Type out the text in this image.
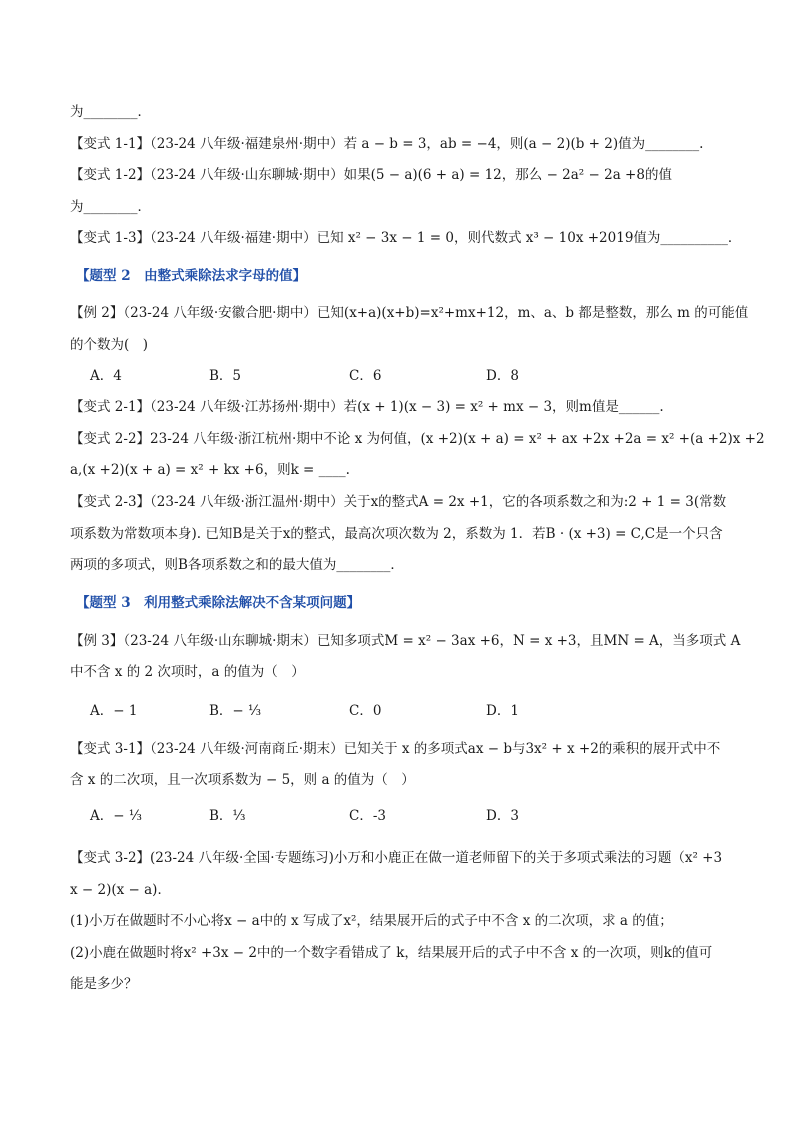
为________．
【变式 1-1】（23-24 八年级·福建泉州·期中）若 a − b = 3，ab = −4，则(a − 2)(b + 2)值为________.
【变式 1-2】（23-24 八年级·山东聊城·期中）如果(5 − a)(6 + a) = 12，那么 − 2a² − 2a +8的值
为________．
【变式 1-3】（23-24 八年级·福建·期中）已知 x² − 3x − 1 = 0，则代数式 x³ − 10x +2019值为__________．
【题型 2　由整式乘除法求字母的值】
【例 2】（23-24 八年级·安徽合肥·期中）已知(x+a)(x+b)=x²+mx+12，m、a、b 都是整数，那么 m 的可能值
的个数为(　)
A．4	B．5	C．6	D．8
【变式 2-1】（23-24 八年级·江苏扬州·期中）若(x + 1)(x − 3) = x² + mx − 3，则m值是______.
【变式 2-2】23-24 八年级·浙江杭州·期中不论 x 为何值，(x +2)(x + a) = x² + ax +2x +2a = x² +(a +2)x +2
a,(x +2)(x + a) = x² + kx +6，则k = ____.
【变式 2-3】（23-24 八年级·浙江温州·期中）关于x的整式A = 2x +1，它的各项系数之和为:2 + 1 = 3(常数
项系数为常数项本身). 已知B是关于x的整式，最高次项次数为 2，系数为 1．若B · (x +3) = C,C是一个只含
两项的多项式，则B各项系数之和的最大值为________．
【题型 3　利用整式乘除法解决不含某项问题】
【例 3】（23-24 八年级·山东聊城·期末）已知多项式M = x² − 3ax +6，N = x +3，且MN = A，当多项式 A
中不含 x 的 2 次项时，a 的值为（　）
A．− 1	B．− ⅓	C．0	D．1
【变式 3-1】（23-24 八年级·河南商丘·期末）已知关于 x 的多项式ax − b与3x² + x +2的乘积的展开式中不
含 x 的二次项，且一次项系数为 − 5，则 a 的值为（　）
A．− ⅓	B．⅓	C．-3	D．3
【变式 3-2】(23-24 八年级·全国·专题练习)小万和小鹿正在做一道老师留下的关于多项式乘法的习题（x² +3
x − 2)(x − a)．
(1)小万在做题时不小心将x − a中的 x 写成了x²，结果展开后的式子中不含 x 的二次项，求 a 的值；
(2)小鹿在做题时将x² +3x − 2中的一个数字看错成了 k，结果展开后的式子中不含 x 的一次项，则k的值可
能是多少？
